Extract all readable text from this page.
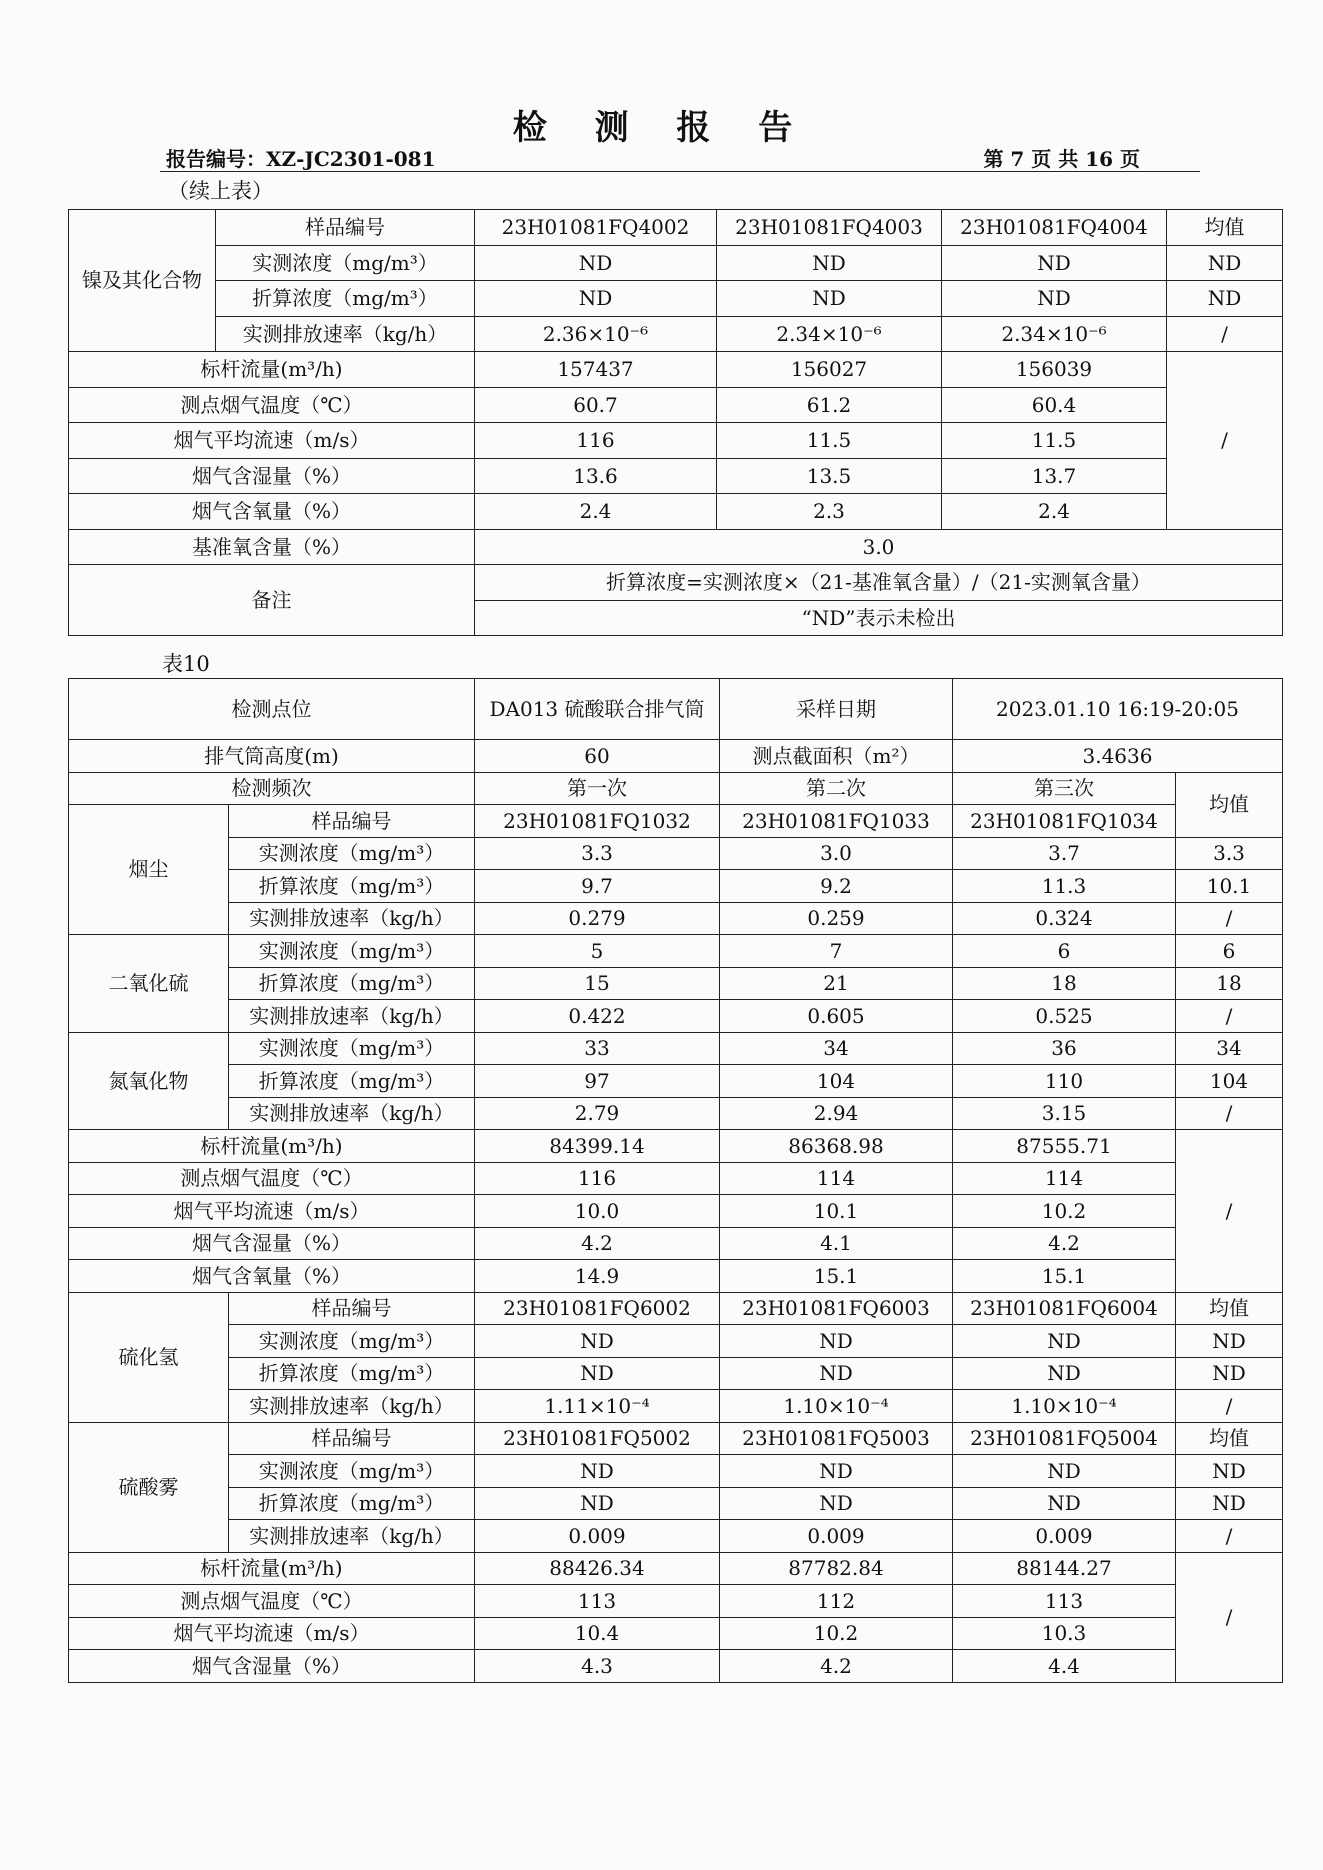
检 测 报 告
报告编号：XZ-JC2301-081	第 7 页 共 16 页
（续上表）
镍及其化合物	样品编号	23H01081FQ4002	23H01081FQ4003	23H01081FQ4004	均值
	实测浓度（mg/m³）	ND	ND	ND	ND
	折算浓度（mg/m³）	ND	ND	ND	ND
	实测排放速率（kg/h）	2.36×10⁻⁶	2.34×10⁻⁶	2.34×10⁻⁶	/
标杆流量(m³/h)		157437	156027	156039	/
测点烟气温度（℃）		60.7	61.2	60.4	
烟气平均流速（m/s）		116	11.5	11.5	
烟气含湿量（%）		13.6	13.5	13.7	
烟气含氧量（%）		2.4	2.3	2.4	
基准氧含量（%）		3.0			
备注		折算浓度=实测浓度×（21-基准氧含量）/（21-实测氧含量）			
		“ND”表示未检出			
表10
检测点位		DA013 硫酸联合排气筒	采样日期	2023.01.10 16:19-20:05	
排气筒高度(m)		60	测点截面积（m²）	3.4636	
检测频次		第一次	第二次	第三次	均值
烟尘	样品编号	23H01081FQ1032	23H01081FQ1033	23H01081FQ1034	
	实测浓度（mg/m³）	3.3	3.0	3.7	3.3
	折算浓度（mg/m³）	9.7	9.2	11.3	10.1
	实测排放速率（kg/h）	0.279	0.259	0.324	/
二氧化硫	实测浓度（mg/m³）	5	7	6	6
	折算浓度（mg/m³）	15	21	18	18
	实测排放速率（kg/h）	0.422	0.605	0.525	/
氮氧化物	实测浓度（mg/m³）	33	34	36	34
	折算浓度（mg/m³）	97	104	110	104
	实测排放速率（kg/h）	2.79	2.94	3.15	/
标杆流量(m³/h)		84399.14	86368.98	87555.71	/
测点烟气温度（℃）		116	114	114	
烟气平均流速（m/s）		10.0	10.1	10.2	
烟气含湿量（%）		4.2	4.1	4.2	
烟气含氧量（%）		14.9	15.1	15.1	
硫化氢	样品编号	23H01081FQ6002	23H01081FQ6003	23H01081FQ6004	均值
	实测浓度（mg/m³）	ND	ND	ND	ND
	折算浓度（mg/m³）	ND	ND	ND	ND
	实测排放速率（kg/h）	1.11×10⁻⁴	1.10×10⁻⁴	1.10×10⁻⁴	/
硫酸雾	样品编号	23H01081FQ5002	23H01081FQ5003	23H01081FQ5004	均值
	实测浓度（mg/m³）	ND	ND	ND	ND
	折算浓度（mg/m³）	ND	ND	ND	ND
	实测排放速率（kg/h）	0.009	0.009	0.009	/
标杆流量(m³/h)		88426.34	87782.84	88144.27	/
测点烟气温度（℃）		113	112	113	
烟气平均流速（m/s）		10.4	10.2	10.3	
烟气含湿量（%）		4.3	4.2	4.4	
